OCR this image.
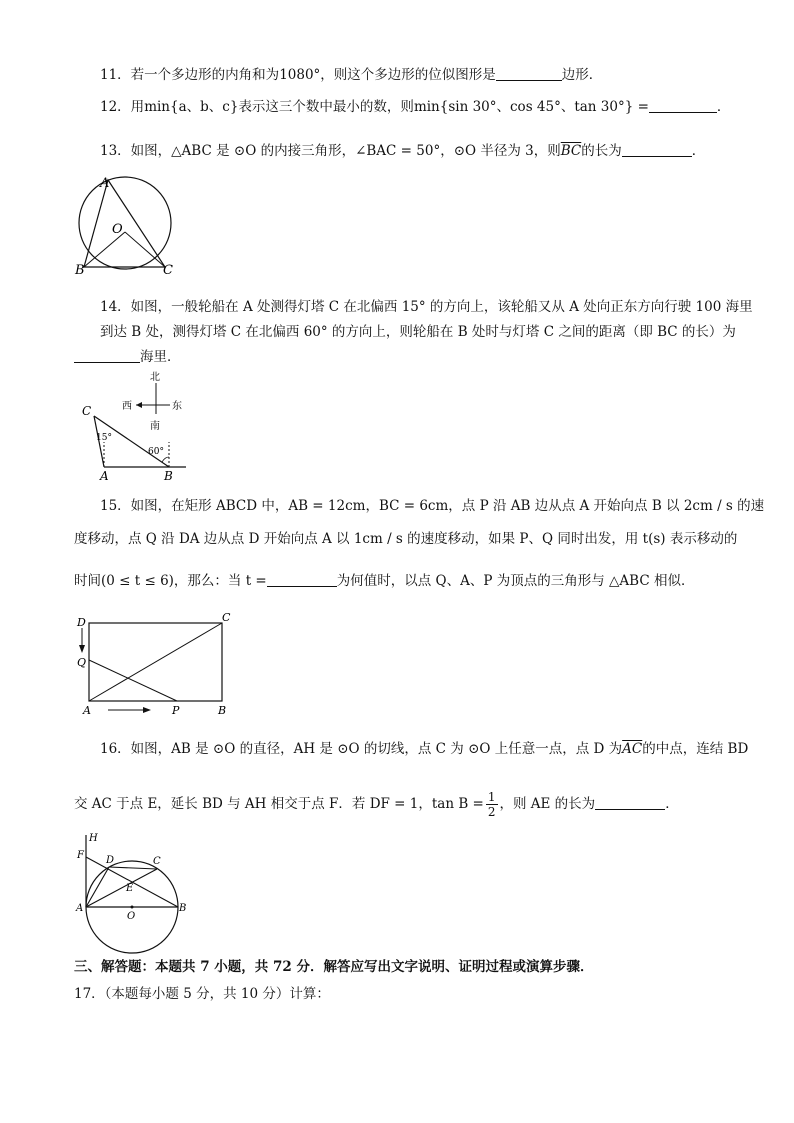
11．若一个多边形的内角和为1080°，则这个多边形的位似图形是	边形．
12．用min{a、b、c}表示这三个数中最小的数，则min{sin 30°、cos 45°、tan 30°} =	．
13．如图，△ABC 是 ⊙O 的内接三角形，∠BAC = 50°，⊙O 半径为 3，则$\overline{BC}$的长为	．
A
O
B	C
14．如图，一般轮船在 A 处测得灯塔 C 在北偏西 15° 的方向上，该轮船又从 A 处向正东方向行驶 100 海里
到达 B 处，测得灯塔 C 在北偏西 60° 的方向上，则轮船在 B 处时与灯塔 C 之间的距离（即 BC 的长）为
海里．
北
南
西	东
C
A	B
15°
60°
15．如图，在矩形 ABCD 中，AB = 12cm，BC = 6cm，点 P 沿 AB 边从点 A 开始向点 B 以 2cm / s 的速
度移动，点 Q 沿 DA 边从点 D 开始向点 A 以 1cm / s 的速度移动，如果 P、Q 同时出发，用 t(s) 表示移动的
时间(0 ≤ t ≤ 6)，那么：当 t =	为何值时，以点 Q、A、P 为顶点的三角形与 △ABC 相似．
D	C
Q
A	P	B
16．如图，AB 是 ⊙O 的直径，AH 是 ⊙O 的切线，点 C 为 ⊙O 上任意一点，点 D 为$\overline{AC}$的中点，连结 BD
交 AC 于点 E，延长 BD 与 AH 相交于点 F．若 DF = 1，$\tan B = \frac{1}{2}$ ，则 AE 的长为	．
H
F D	C
E
A
O
B
三、解答题：本题共 7 小题，共 72 分．解答应写出文字说明、证明过程或演算步骤．
17．（本题每小题 5 分，共 10 分）计算：
